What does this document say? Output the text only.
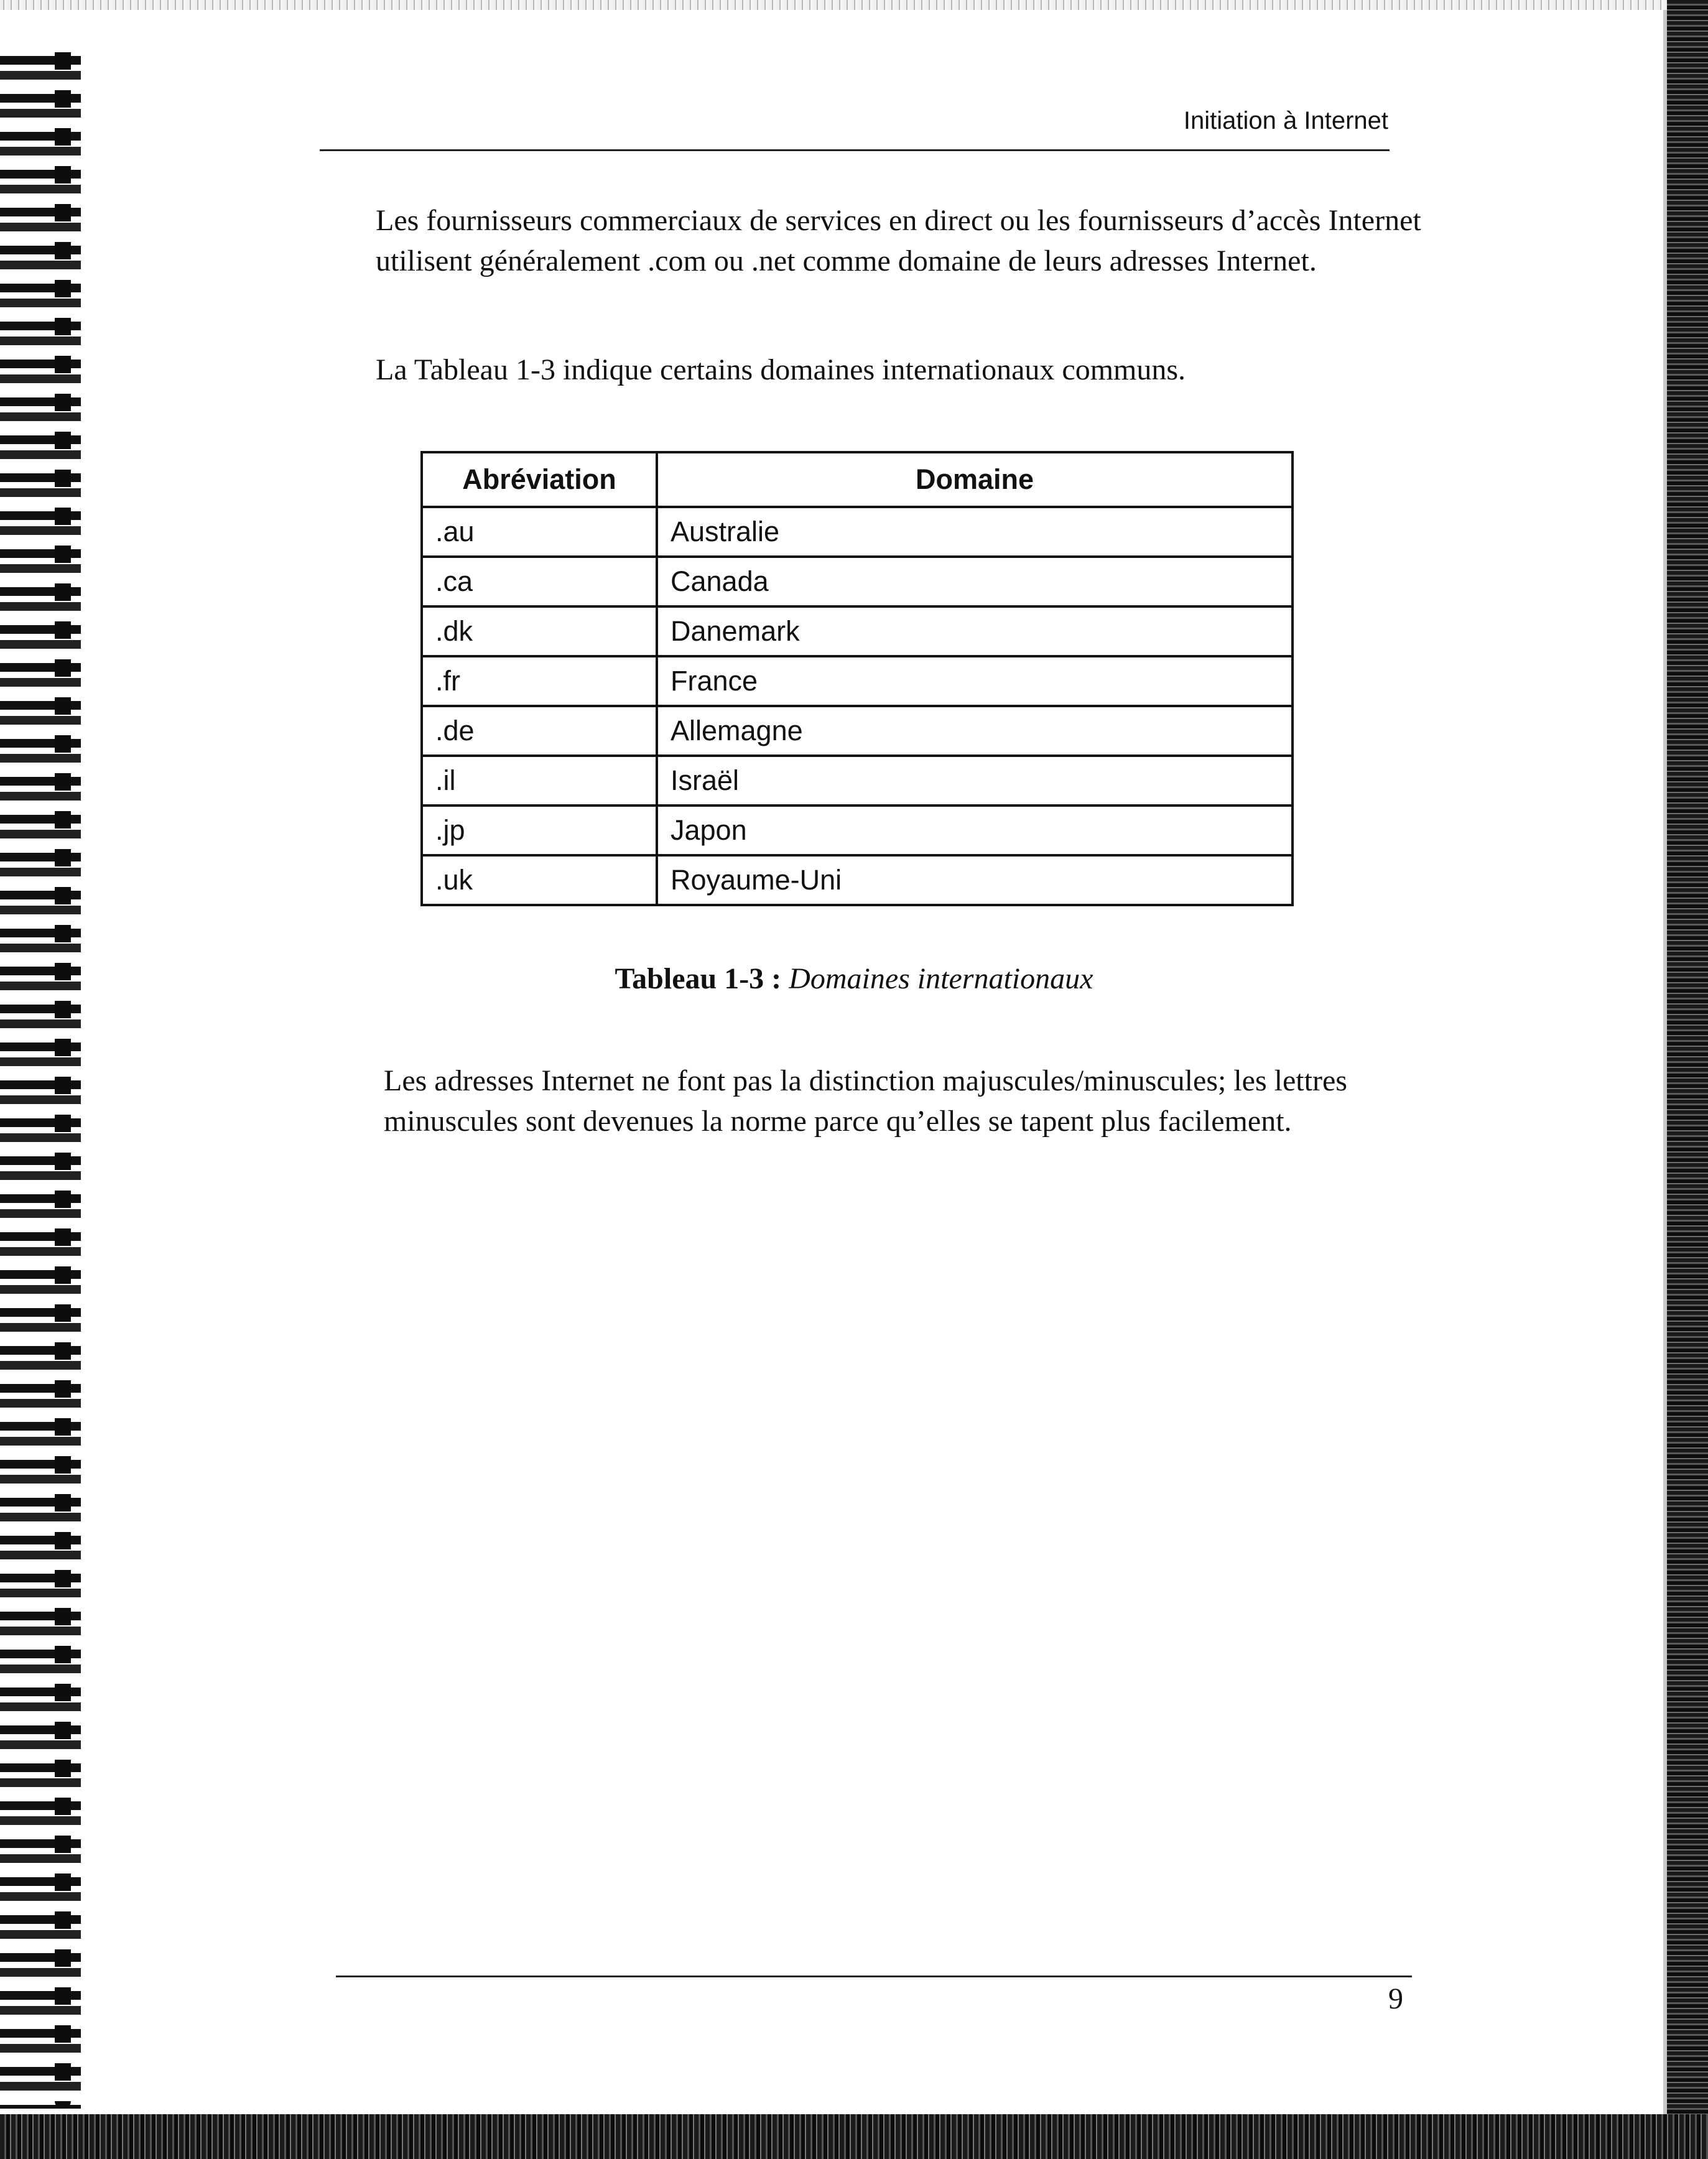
Initiation à Internet

Les fournisseurs commerciaux de services en direct ou les fournisseurs d’accès Internet utilisent généralement .com ou .net comme domaine de leurs adresses Internet.

La Tableau 1-3 indique certains domaines internationaux communs.

Abréviation	Domaine
.au	Australie
.ca	Canada
.dk	Danemark
.fr	France
.de	Allemagne
.il	Israël
.jp	Japon
.uk	Royaume-Uni
Tableau 1-3 : Domaines internationaux

Les adresses Internet ne font pas la distinction majuscules/minuscules; les lettres minuscules sont devenues la norme parce qu’elles se tapent plus facilement.

9
